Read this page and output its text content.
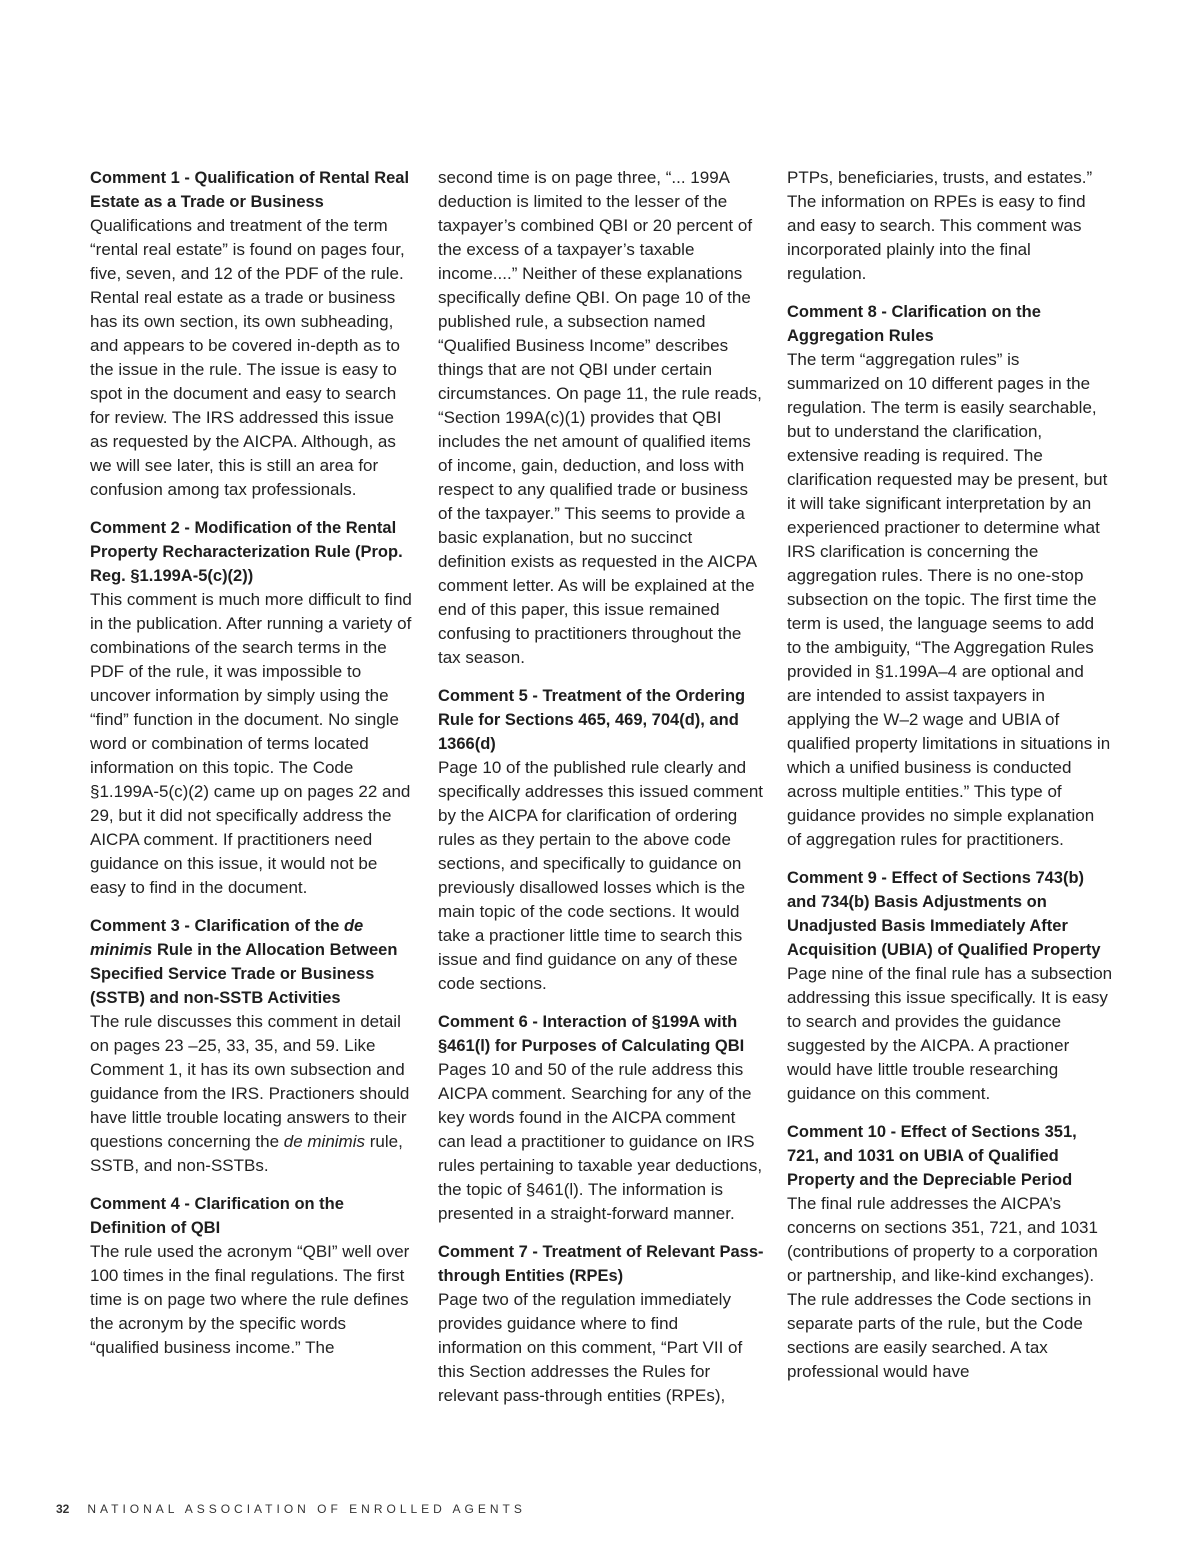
Comment 1 - Qualification of Rental Real Estate as a Trade or Business

Qualifications and treatment of the term “rental real estate” is found on pages four, five, seven, and 12 of the PDF of the rule. Rental real estate as a trade or business has its own section, its own subheading, and appears to be covered in-depth as to the issue in the rule. The issue is easy to spot in the document and easy to search for review. The IRS addressed this issue as requested by the AICPA. Although, as we will see later, this is still an area for confusion among tax professionals.

Comment 2 - Modification of the Rental Property Recharacterization Rule (Prop. Reg. §1.199A-5(c)(2))

This comment is much more difficult to find in the publication. After running a variety of combinations of the search terms in the PDF of the rule, it was impossible to uncover information by simply using the “find” function in the document. No single word or combination of terms located information on this topic. The Code §1.199A-5(c)(2) came up on pages 22 and 29, but it did not specifically address the AICPA comment. If practitioners need guidance on this issue, it would not be easy to find in the document.

Comment 3 - Clarification of the de minimis Rule in the Allocation Between Specified Service Trade or Business (SSTB) and non-SSTB Activities

The rule discusses this comment in detail on pages 23 –25, 33, 35, and 59. Like Comment 1, it has its own subsection and guidance from the IRS. Practioners should have little trouble locating answers to their questions concerning the de minimis rule, SSTB, and non-SSTBs.

Comment 4 - Clarification on the Definition of QBI

The rule used the acronym “QBI” well over 100 times in the final regulations. The first time is on page two where the rule defines the acronym by the specific words “qualified business income.” The

second time is on page three, “... 199A deduction is limited to the lesser of the taxpayer’s combined QBI or 20 percent of the excess of a taxpayer’s taxable income....” Neither of these explanations specifically define QBI. On page 10 of the published rule, a subsection named “Qualified Business Income” describes things that are not QBI under certain circumstances. On page 11, the rule reads, “Section 199A(c)(1) provides that QBI includes the net amount of qualified items of income, gain, deduction, and loss with respect to any qualified trade or business of the taxpayer.” This seems to provide a basic explanation, but no succinct definition exists as requested in the AICPA comment letter. As will be explained at the end of this paper, this issue remained confusing to practitioners throughout the tax season.

Comment 5 - Treatment of the Ordering Rule for Sections 465, 469, 704(d), and 1366(d)

Page 10 of the published rule clearly and specifically addresses this issued comment by the AICPA for clarification of ordering rules as they pertain to the above code sections, and specifically to guidance on previously disallowed losses which is the main topic of the code sections. It would take a practioner little time to search this issue and find guidance on any of these code sections.

Comment 6 - Interaction of §199A with §461(l) for Purposes of Calculating QBI

Pages 10 and 50 of the rule address this AICPA comment. Searching for any of the key words found in the AICPA comment can lead a practitioner to guidance on IRS rules pertaining to taxable year deductions, the topic of §461(l). The information is presented in a straight-forward manner.

Comment 7 - Treatment of Relevant Pass-through Entities (RPEs)

Page two of the regulation immediately provides guidance where to find information on this comment, “Part VII of this Section addresses the Rules for relevant pass-through entities (RPEs),

PTPs, beneficiaries, trusts, and estates.” The information on RPEs is easy to find and easy to search. This comment was incorporated plainly into the final regulation.

Comment 8 - Clarification on the Aggregation Rules

The term “aggregation rules” is summarized on 10 different pages in the regulation. The term is easily searchable, but to understand the clarification, extensive reading is required. The clarification requested may be present, but it will take significant interpretation by an experienced practioner to determine what IRS clarification is concerning the aggregation rules. There is no one-stop subsection on the topic. The first time the term is used, the language seems to add to the ambiguity, “The Aggregation Rules provided in §1.199A–4 are optional and are intended to assist taxpayers in applying the W–2 wage and UBIA of qualified property limitations in situations in which a unified business is conducted across multiple entities.” This type of guidance provides no simple explanation of aggregation rules for practitioners.

Comment 9 - Effect of Sections 743(b) and 734(b) Basis Adjustments on Unadjusted Basis Immediately After Acquisition (UBIA) of Qualified Property

Page nine of the final rule has a subsection addressing this issue specifically. It is easy to search and provides the guidance suggested by the AICPA. A practioner would have little trouble researching guidance on this comment.

Comment 10 - Effect of Sections 351, 721, and 1031 on UBIA of Qualified Property and the Depreciable Period

The final rule addresses the AICPA’s concerns on sections 351, 721, and 1031 (contributions of property to a corporation or partnership, and like-kind exchanges). The rule addresses the Code sections in separate parts of the rule, but the Code sections are easily searched. A tax professional would have

32 NATIONAL ASSOCIATION OF ENROLLED AGENTS
